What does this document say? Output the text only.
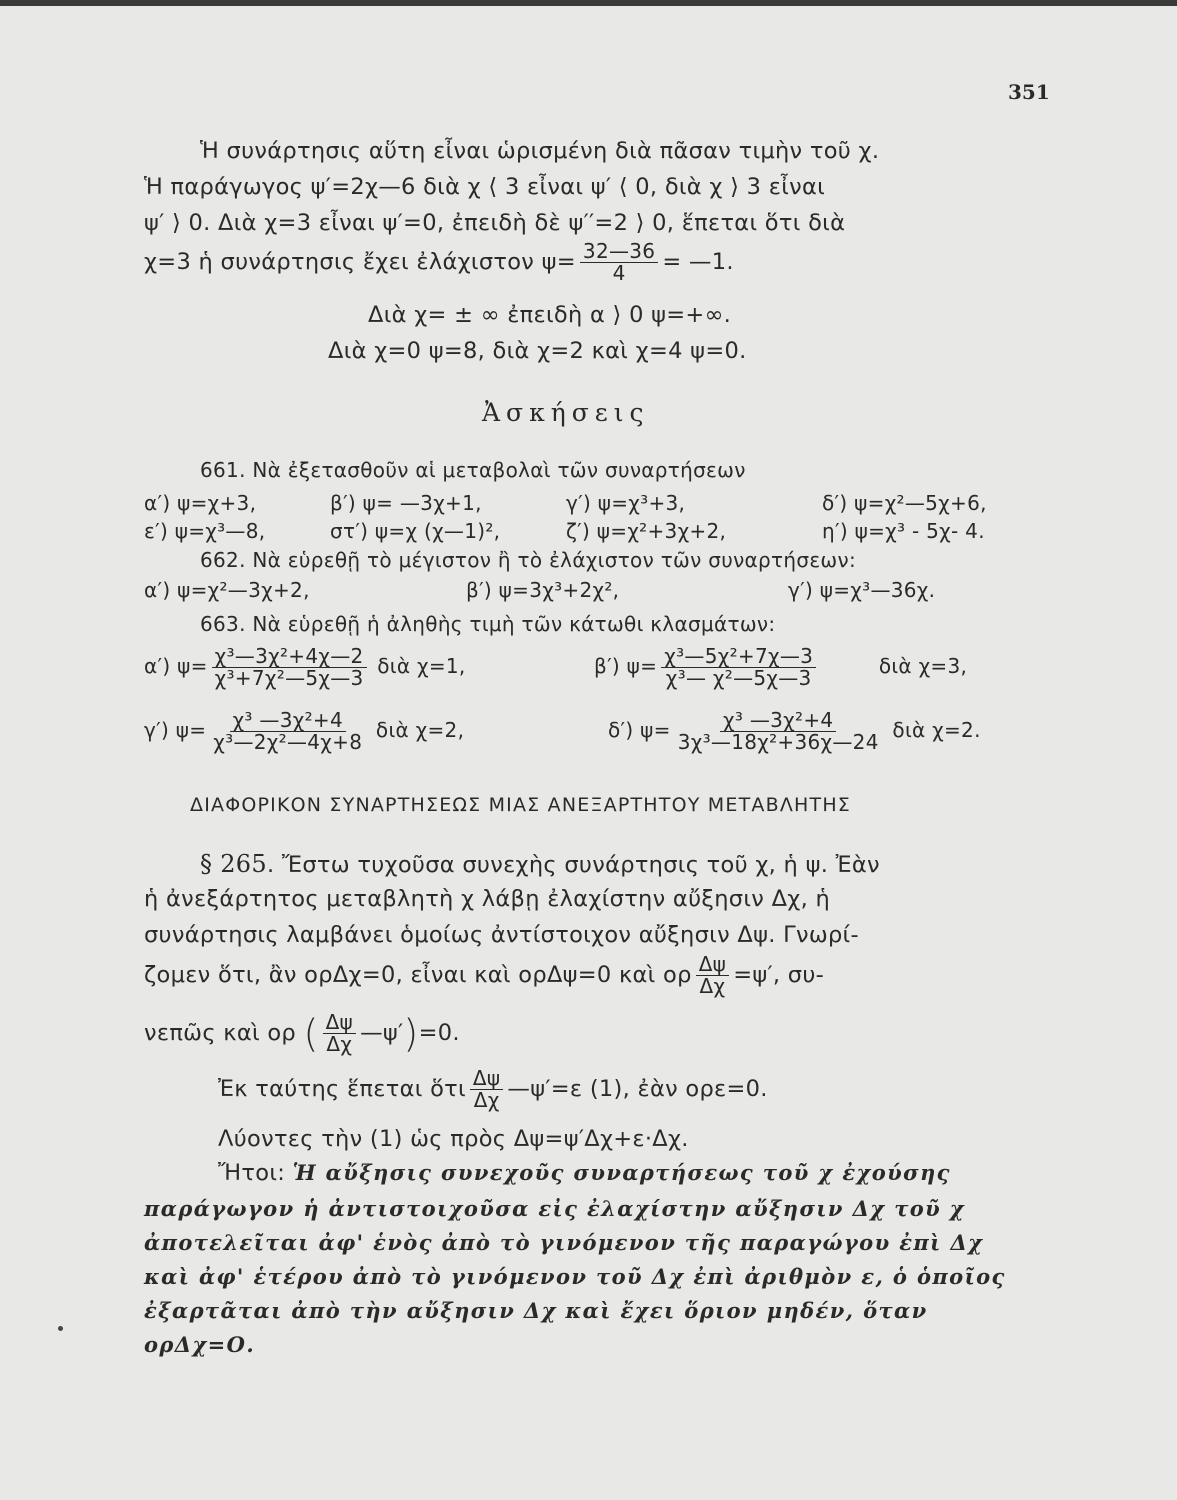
351
Ἡ συνάρτησις αὕτη εἶναι ὡρισμένη διὰ πᾶσαν τιμὴν τοῦ χ.
Ἡ παράγωγος ψ′=2χ—6 διὰ χ ⟨ 3 εἶναι ψ′ ⟨ 0, διὰ χ ⟩ 3 εἶναι
ψ′ ⟩ 0. Διὰ χ=3 εἶναι ψ′=0, ἐπειδὴ δὲ ψ′′=2 ⟩ 0, ἕπεται ὅτι διὰ
χ=3 ἡ συνάρτησις ἔχει ἐλάχιστον $\psi= \frac{32—36}{4}$ = —1.
Διὰ χ= ± ∞ ἐπειδὴ α ⟩ 0 ψ=+∞.
Διὰ χ=0 ψ=8, διὰ χ=2 καὶ χ=4 ψ=0.
Ἀσκήσεις
661. Νὰ ἐξετασθοῦν αἱ μεταβολαὶ τῶν συναρτήσεων
α′) ψ=χ+3,	β′) ψ= —3χ+1,	γ′) ψ=χ³+3,	δ′) ψ=χ²—5χ+6,
ε′) ψ=χ³—8,	στ′) ψ=χ (χ—1)²,	ζ′) ψ=χ²+3χ+2,	η′) ψ=χ³ - 5χ- 4.
662. Νὰ εὑρεθῇ τὸ μέγιστον ἢ τὸ ἐλάχιστον τῶν συναρτήσεων:
α′) ψ=χ²—3χ+2,	β′) ψ=3χ³+2χ²,	γ′) ψ=χ³—36χ.
663. Νὰ εὑρεθῇ ἡ ἀληθὴς τιμὴ τῶν κάτωθι κλασμάτων:
α′) $\psi= \frac{\text{χ³—3χ²+4χ—2}}{\text{χ³+7χ²—5χ—3}}$ διὰ χ=1,	β′) $\psi= \frac{\text{χ³—5χ²+7χ—3}}{\text{χ³— χ²—5χ—3}}$	διὰ χ=3,
γ′) $\psi= \frac{\text{χ³ —3χ²+4}}{\text{χ³—2χ²—4χ+8}}$ διὰ χ=2,	δ′) $\psi= \frac{\text{χ³ —3χ²+4}}{\text{3χ³—18χ²+36χ—24}}$ διὰ χ=2.
ΔΙΑΦΟΡΙΚΟΝ ΣΥΝΑΡΤΗΣΕΩΣ ΜΙΑΣ ΑΝΕΞΑΡΤΗΤΟΥ ΜΕΤΑΒΛΗΤΗΣ
§ 265. Ἔστω τυχοῦσα συνεχὴς συνάρτησις τοῦ χ, ἡ ψ. Ἐὰν
ἡ ἀνεξάρτητος μεταβλητὴ χ λάβῃ ἐλαχίστην αὔξησιν Δχ, ἡ
συνάρτησις λαμβάνει ὁμοίως ἀντίστοιχον αὔξησιν Δψ. Γνωρί-
ζομεν ὅτι, ἂν ορΔχ=0, εἶναι καὶ ορΔψ=0 καὶ ορ $\frac{\Delta\psi}{\Delta\chi} =\psi'$, συ-
νεπῶς καὶ ορ ( $\frac{\Delta\psi}{\Delta\chi}$ —ψ′)=0.
Ἐκ ταύτης ἕπεται ὅτι $\frac{\Delta\psi}{\Delta\chi}$ —ψ′=ε (1), ἐὰν ορε=0.
Λύοντες τὴν (1) ὡς πρὸς Δψ=ψ′Δχ+ε·Δχ.
Ἤτοι: Ἡ αὔξησις συνεχοῦς συναρτήσεως τοῦ χ ἐχούσης
παράγωγον ἡ ἀντιστοιχοῦσα εἰς ἐλαχίστην αὔξησιν Δχ τοῦ χ
ἀποτελεῖται ἀφ' ἑνὸς ἀπὸ τὸ γινόμενον τῆς παραγώγου ἐπὶ Δχ
καὶ ἀφ' ἑτέρου ἀπὸ τὸ γινόμενον τοῦ Δχ ἐπὶ ἀριθμὸν ε, ὁ ὁποῖος
ἐξαρτᾶται ἀπὸ τὴν αὔξησιν Δχ καὶ ἔχει ὅριον μηδέν, ὅταν
ορΔχ=Ο.
